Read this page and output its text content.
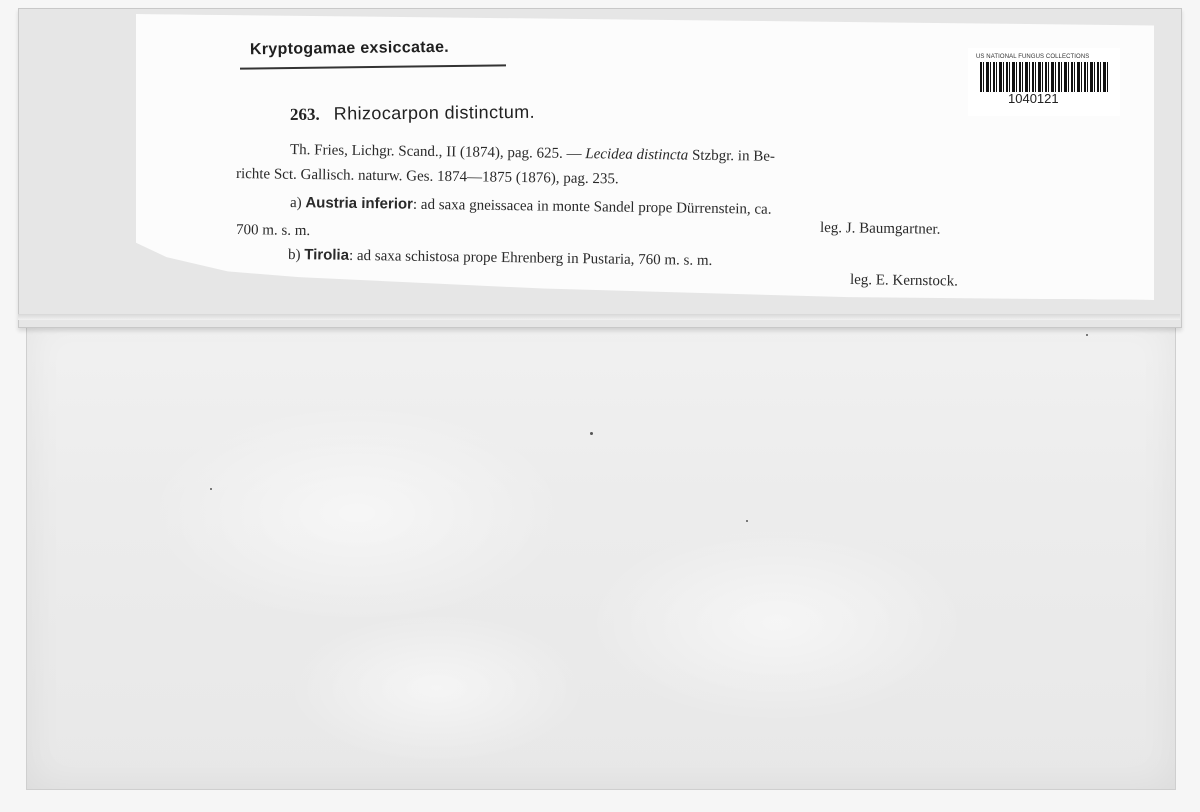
Kryptogamae exsiccatae.	US NATIONAL FUNGUS COLLECTIONS
1040121
263. Rhizocarpon distinctum.
Th. Fries, Lichgr. Scand., II (1874), pag. 625. — Lecidea distincta Stzbgr. in Be-
richte Sct. Gallisch. naturw. Ges. 1874—1875 (1876), pag. 235.
a) Austria inferior: ad saxa gneissacea in monte Sandel prope Dürrenstein, ca.
700 m. s. m.	leg. J. Baumgartner.
b) Tirolia: ad saxa schistosa prope Ehrenberg in Pustaria, 760 m. s. m.
leg. E. Kernstock.
